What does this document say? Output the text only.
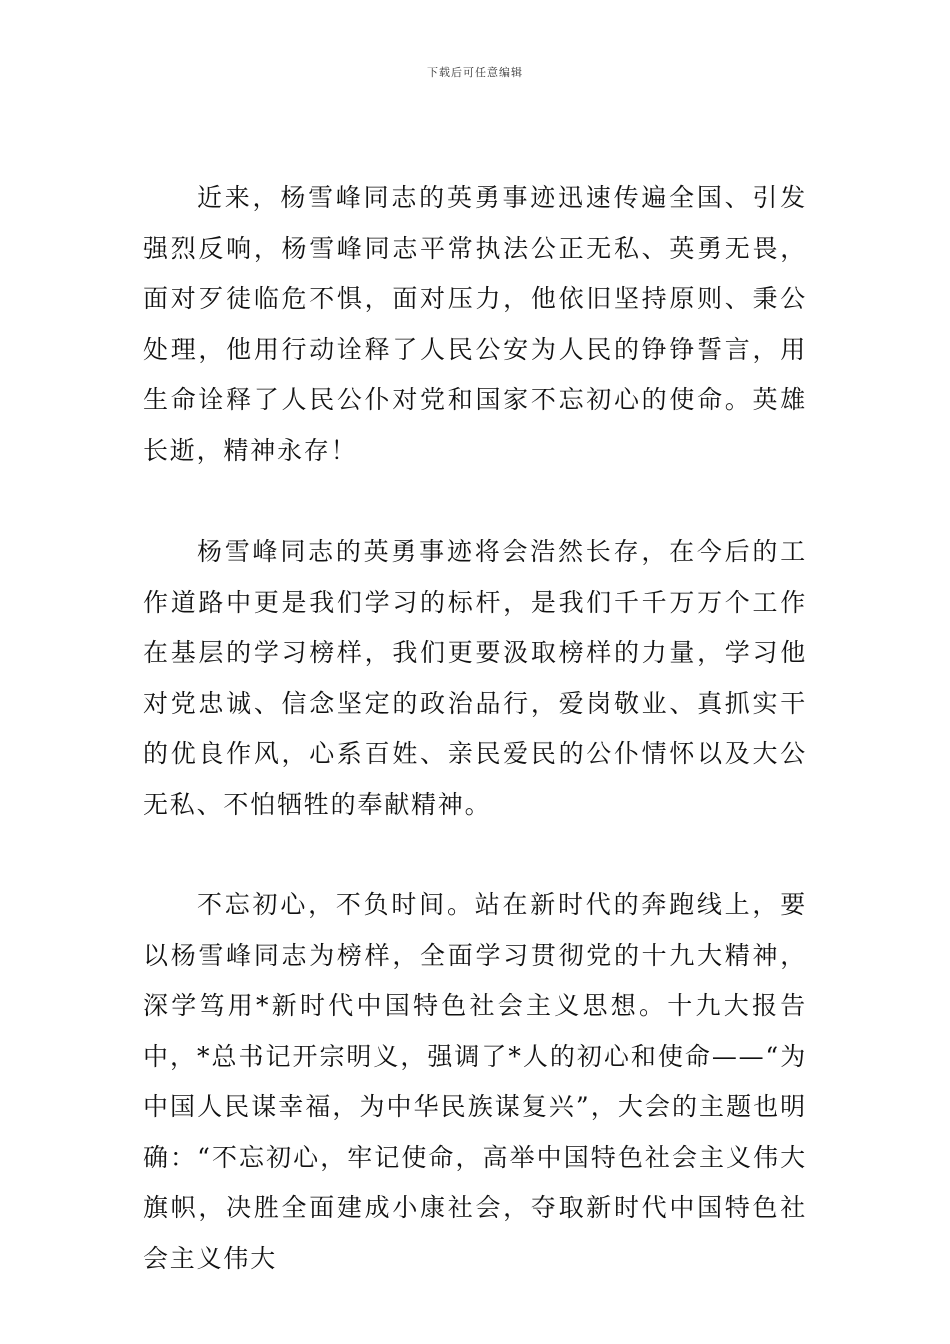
下载后可任意编辑

近来，杨雪峰同志的英勇事迹迅速传遍全国、引发强烈反响，杨雪峰同志平常执法公正无私、英勇无畏，面对歹徒临危不惧，面对压力，他依旧坚持原则、秉公处理，他用行动诠释了人民公安为人民的铮铮誓言，用生命诠释了人民公仆对党和国家不忘初心的使命。英雄长逝，精神永存！

杨雪峰同志的英勇事迹将会浩然长存，在今后的工作道路中更是我们学习的标杆，是我们千千万万个工作在基层的学习榜样，我们更要汲取榜样的力量，学习他对党忠诚、信念坚定的政治品行，爱岗敬业、真抓实干的优良作风，心系百姓、亲民爱民的公仆情怀以及大公无私、不怕牺牲的奉献精神。

不忘初心，不负时间。站在新时代的奔跑线上，要以杨雪峰同志为榜样，全面学习贯彻党的十九大精神，深学笃用*新时代中国特色社会主义思想。十九大报告中，*总书记开宗明义，强调了*人的初心和使命——“为中国人民谋幸福，为中华民族谋复兴”，大会的主题也明确：“不忘初心，牢记使命，高举中国特色社会主义伟大旗帜，决胜全面建成小康社会，夺取新时代中国特色社会主义伟大
